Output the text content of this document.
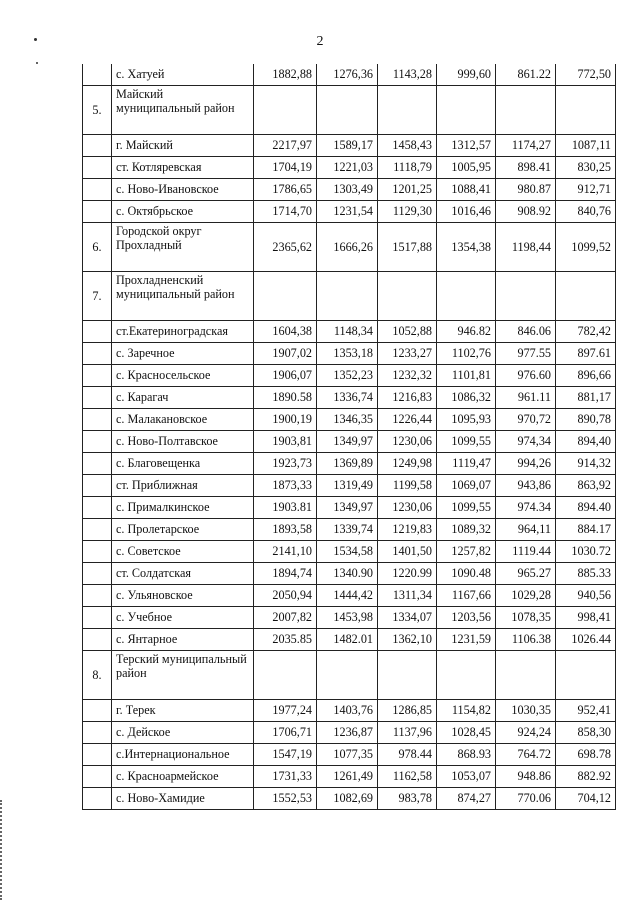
2
	с. Хатуей	1882,88	1276,36	1143,28	999,60	861.22	772,50
5.	Майский муниципальный район						
	г. Майский	2217,97	1589,17	1458,43	1312,57	1174,27	1087,11
	ст. Котляревская	1704,19	1221,03	1118,79	1005,95	898.41	830,25
	с. Ново-Ивановское	1786,65	1303,49	1201,25	1088,41	980.87	912,71
	с. Октябрьское	1714,70	1231,54	1129,30	1016,46	908.92	840,76
6.	Городской округ Прохладный	2365,62	1666,26	1517,88	1354,38	1198,44	1099,52
7.	Прохладненский муниципальный район						
	ст.Екатериноградская	1604,38	1148,34	1052,88	946.82	846.06	782,42
	с. Заречное	1907,02	1353,18	1233,27	1102,76	977.55	897.61
	с. Красносельское	1906,07	1352,23	1232,32	1101,81	976.60	896,66
	с. Карагач	1890.58	1336,74	1216,83	1086,32	961.11	881,17
	с. Малакановское	1900,19	1346,35	1226,44	1095,93	970,72	890,78
	с. Ново-Полтавское	1903,81	1349,97	1230,06	1099,55	974,34	894,40
	с. Благовещенка	1923,73	1369,89	1249,98	1119,47	994,26	914,32
	ст. Приближная	1873,33	1319,49	1199,58	1069,07	943,86	863,92
	с. Прималкинское	1903.81	1349,97	1230,06	1099,55	974.34	894.40
	с. Пролетарское	1893,58	1339,74	1219,83	1089,32	964,11	884.17
	с. Советское	2141,10	1534,58	1401,50	1257,82	1119.44	1030.72
	ст. Солдатская	1894,74	1340.90	1220.99	1090.48	965.27	885.33
	с. Ульяновское	2050,94	1444,42	1311,34	1167,66	1029,28	940,56
	с. Учебное	2007,82	1453,98	1334,07	1203,56	1078,35	998,41
	с. Янтарное	2035.85	1482.01	1362,10	1231,59	1106.38	1026.44
8.	Терский муниципальный район						
	г. Терек	1977,24	1403,76	1286,85	1154,82	1030,35	952,41
	с. Дейское	1706,71	1236,87	1137,96	1028,45	924,24	858,30
	с.Интернациональное	1547,19	1077,35	978.44	868.93	764.72	698.78
	с. Красноармейское	1731,33	1261,49	1162,58	1053,07	948.86	882.92
	с. Ново-Хамидие	1552,53	1082,69	983,78	874,27	770.06	704,12
